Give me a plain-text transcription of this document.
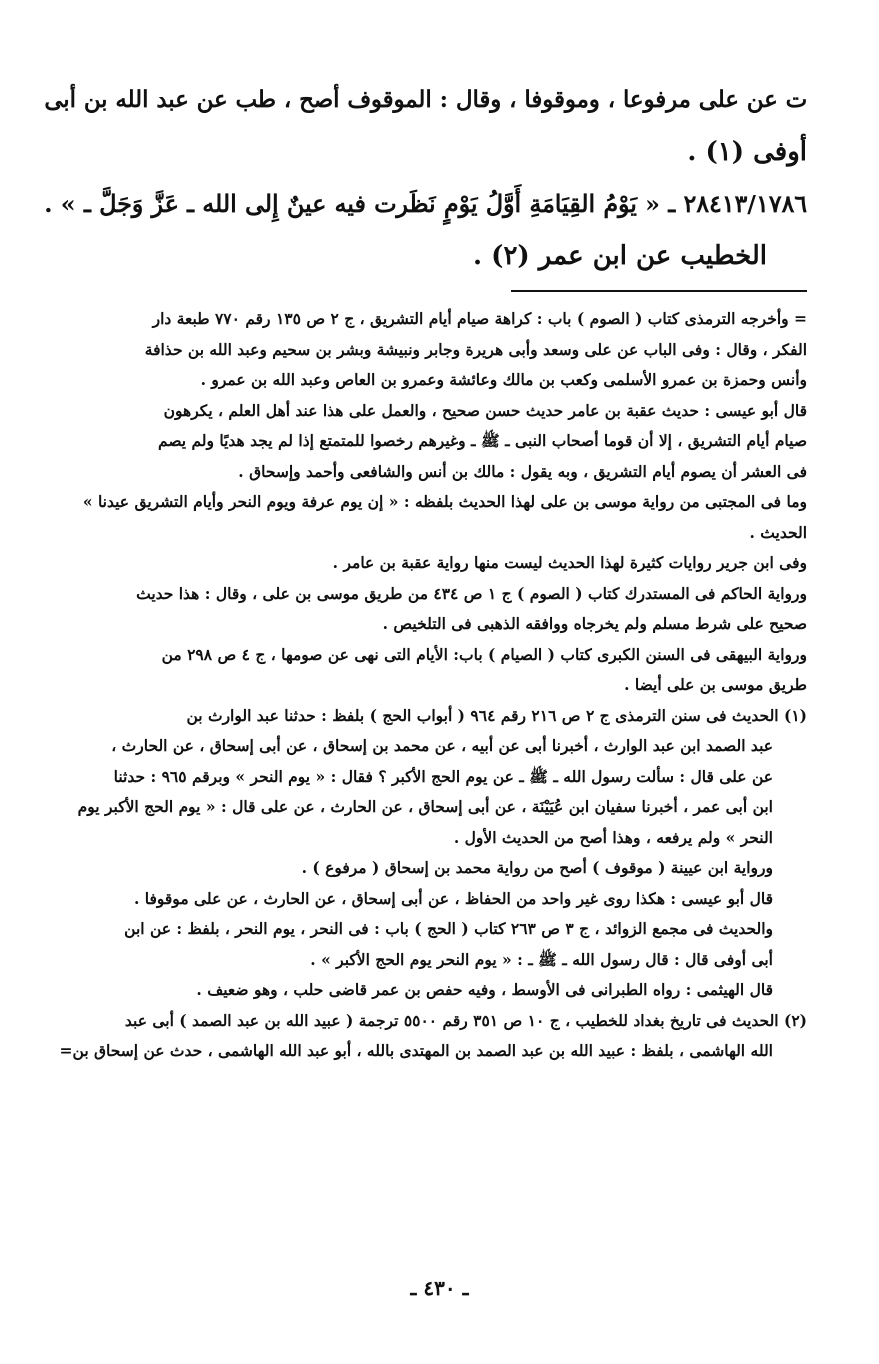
ت عن على مرفوعا ، وموقوفا ، وقال : الموقوف أصح ، طب عن عبد الله بن أبى
أوفى (١) .
٢٨٤١٣/١٧٨٦ ـ « يَوْمُ القِيَامَةِ أَوَّلُ يَوْمٍ نَظَرت فيه عينٌ إِلى الله ـ عَزَّ وَجَلَّ ـ » .
الخطيب عن ابن عمر (٢) .
= وأخرجه الترمذى كتاب ( الصوم ) باب : كراهة صيام أيام التشريق ، ج ٢ ص ١٣٥ رقم ٧٧٠ طبعة دار
الفكر ، وقال : وفى الباب عن على وسعد وأبى هريرة وجابر ونبيشة وبشر بن سحيم وعبد الله بن حذافة
وأنس وحمزة بن عمرو الأسلمى وكعب بن مالك وعائشة وعمرو بن العاص وعبد الله بن عمرو .
قال أبو عيسى : حديث عقبة بن عامر حديث حسن صحيح ، والعمل على هذا عند أهل العلم ، يكرهون
صيام أيام التشريق ، إلا أن قوما أصحاب النبى ـ ﷺ ـ وغيرهم رخصوا للمتمتع إذا لم يجد هديًا ولم يصم
فى العشر أن يصوم أيام التشريق ، وبه يقول : مالك بن أنس والشافعى وأحمد وإسحاق .
وما فى المجتبى من رواية موسى بن على لهذا الحديث بلفظه : « إن يوم عرفة ويوم النحر وأيام التشريق عيدنا »
الحديث .
وفى ابن جرير روايات كثيرة لهذا الحديث ليست منها رواية عقبة بن عامر .
ورواية الحاكم فى المستدرك كتاب ( الصوم ) ج ١ ص ٤٣٤ من طريق موسى بن على ، وقال : هذا حديث
صحيح على شرط مسلم ولم يخرجاه ووافقه الذهبى فى التلخيص .
ورواية البيهقى فى السنن الكبرى كتاب ( الصيام ) باب: الأيام التى نهى عن صومها ، ج ٤ ص ٢٩٨ من
طريق موسى بن على أيضا .
(١) الحديث فى سنن الترمذى ج ٢ ص ٢١٦ رقم ٩٦٤ ( أبواب الحج ) بلفظ : حدثنا عبد الوارث بن
عبد الصمد ابن عبد الوارث ، أخبرنا أبى عن أبيه ، عن محمد بن إسحاق ، عن أبى إسحاق ، عن الحارث ،
عن على قال : سألت رسول الله ـ ﷺ ـ عن يوم الحج الأكبر ؟ فقال : « يوم النحر » وبرقم ٩٦٥ : حدثنا
ابن أبى عمر ، أخبرنا سفيان ابن عُيَيْنَة ، عن أبى إسحاق ، عن الحارث ، عن على قال : « يوم الحج الأكبر يوم
النحر » ولم يرفعه ، وهذا أصح من الحديث الأول .
ورواية ابن عيينة ( موقوف ) أصح من رواية محمد بن إسحاق ( مرفوع ) .
قال أبو عيسى : هكذا روى غير واحد من الحفاظ ، عن أبى إسحاق ، عن الحارث ، عن على موقوفا .
والحديث فى مجمع الزوائد ، ج ٣ ص ٢٦٣ كتاب ( الحج ) باب : فى النحر ، يوم النحر ، بلفظ : عن ابن
أبى أوفى قال : قال رسول الله ـ ﷺ ـ : « يوم النحر يوم الحج الأكبر » .
قال الهيثمى : رواه الطبرانى فى الأوسط ، وفيه حفص بن عمر قاضى حلب ، وهو ضعيف .
(٢) الحديث فى تاريخ بغداد للخطيب ، ج ١٠ ص ٣٥١ رقم ٥٥٠٠ ترجمة ( عبيد الله بن عبد الصمد ) أبى عبد
الله الهاشمى ، بلفظ : عبيد الله بن عبد الصمد بن المهتدى بالله ، أبو عبد الله الهاشمى ، حدث عن إسحاق بن=
ـ ٤٣٠ ـ
